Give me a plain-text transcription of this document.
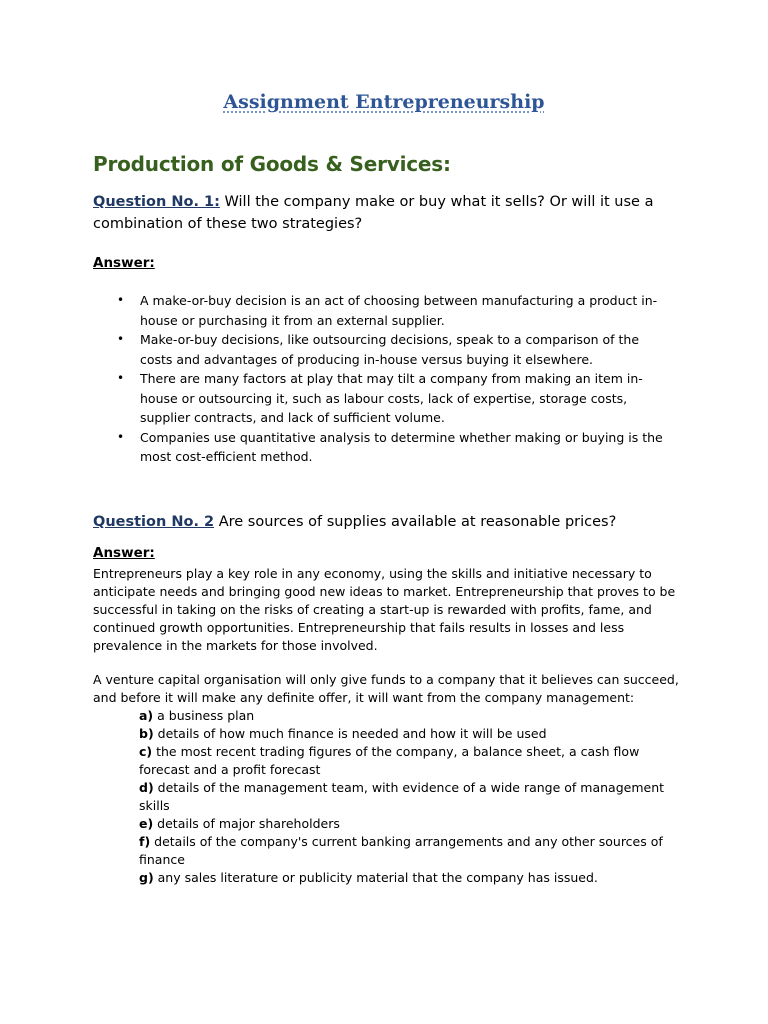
Assignment Entrepreneurship
Production of Goods & Services:
Question No. 1: Will the company make or buy what it sells? Or will it use a combination of these two strategies?
Answer:
• A make-or-buy decision is an act of choosing between manufacturing a product in-house or purchasing it from an external supplier.
• Make-or-buy decisions, like outsourcing decisions, speak to a comparison of the costs and advantages of producing in-house versus buying it elsewhere.
• There are many factors at play that may tilt a company from making an item in-house or outsourcing it, such as labour costs, lack of expertise, storage costs, supplier contracts, and lack of sufficient volume.
• Companies use quantitative analysis to determine whether making or buying is the most cost-efficient method.
Question No. 2 Are sources of supplies available at reasonable prices?
Answer:
Entrepreneurs play a key role in any economy, using the skills and initiative necessary to anticipate needs and bringing good new ideas to market. Entrepreneurship that proves to be successful in taking on the risks of creating a start-up is rewarded with profits, fame, and continued growth opportunities. Entrepreneurship that fails results in losses and less prevalence in the markets for those involved.
A venture capital organisation will only give funds to a company that it believes can succeed, and before it will make any definite offer, it will want from the company management:
a) a business plan
b) details of how much finance is needed and how it will be used
c) the most recent trading figures of the company, a balance sheet, a cash flow forecast and a profit forecast
d) details of the management team, with evidence of a wide range of management skills
e) details of major shareholders
f) details of the company's current banking arrangements and any other sources of finance
g) any sales literature or publicity material that the company has issued.
